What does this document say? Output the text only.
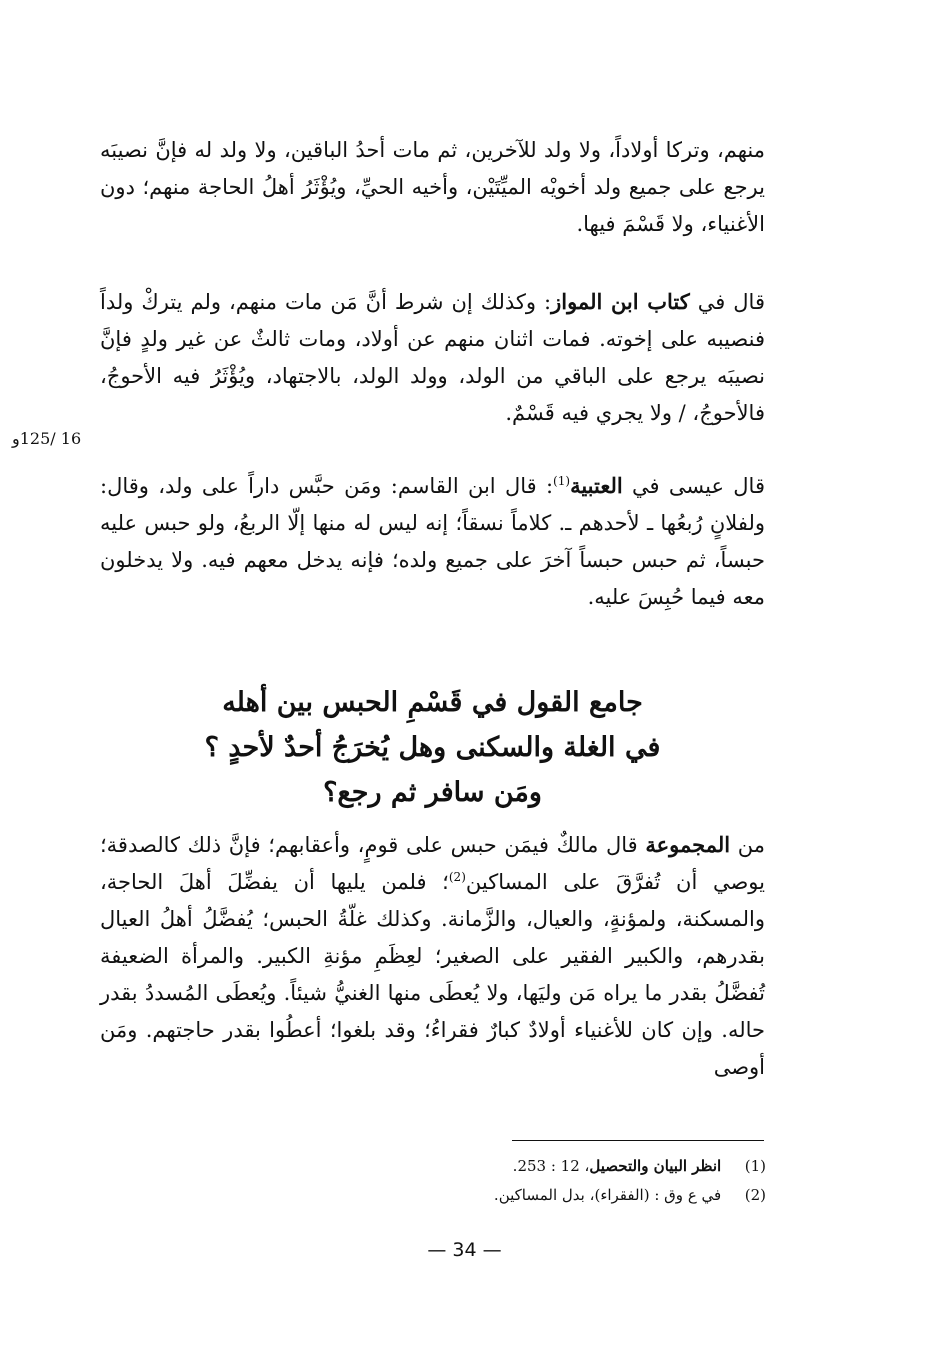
منهم، وتركا أولاداً، ولا ولد للآخرين، ثم مات أحدُ الباقين، ولا ولد له فإنَّ نصيبَه يرجع على جميع ولد أخويْه الميِّتَيْن، وأخيه الحيِّ، ويُؤْثَرُ أهلُ الحاجة منهم؛ دون الأغنياء، ولا قَسْمَ فيها.

قال في كتاب ابن المواز: وكذلك إن شرط أنَّ مَن مات منهم، ولم يتركْ ولداً فنصيبه على إخوته. فمات اثنان منهم عن أولاد، ومات ثالثٌ عن غير ولدٍ فإنَّ نصيبَه يرجع على الباقي من الولد، وولد الولد، بالاجتهاد، ويُؤْثَرُ فيه الأحوجُ، فالأحوجُ، / ولا يجري فيه قَسْمٌ.

16 /125و

قال عيسى في العتبية$^{(1)}$: قال ابن القاسم: ومَن حبَّس داراً على ولد، وقال: ولفلانٍ رُبعُها ـ لأحدهم ـ. كلاماً نسقاً؛ إنه ليس له منها إلّا الربعُ، ولو حبس عليه حبساً، ثم حبس حبساً آخرَ على جميع ولده؛ فإنه يدخل معهم فيه. ولا يدخلون معه فيما حُبِسَ عليه.

جامع القول في قَسْمِ الحبس بين أهله
في الغلة والسكنى وهل يُخرَجُ أحدٌ لأحدٍ ؟
ومَن سافر ثم رجع؟

من المجموعة قال مالكٌ فيمَن حبس على قومٍ، وأعقابهم؛ فإنَّ ذلك كالصدقة؛ يوصي أن تُفرَّقَ على المساكين$^{(2)}$؛ فلمن يليها أن يفضِّلَ أهلَ الحاجة، والمسكنة، ولمؤنةٍ، والعيال، والزَّمانة. وكذلك غلّةُ الحبس؛ يُفضَّلُ أهلُ العيال بقدرهم، والكبير الفقير على الصغير؛ لعِظَمِ مؤنةِ الكبير. والمرأة الضعيفة تُفضَّلُ بقدر ما يراه مَن وليَها، ولا يُعطَى منها الغنيُّ شيئاً. ويُعطَى المُسددُ بقدر حاله. وإن كان للأغنياء أولادٌ كبارٌ فقراءُ؛ وقد بلغوا؛ أعطُوا بقدر حاجتهم. ومَن أوصى

(1) انظر البيان والتحصيل، 12 : 253.
(2) في ع وق : (الفقراء)، بدل المساكين.
— 34 —
